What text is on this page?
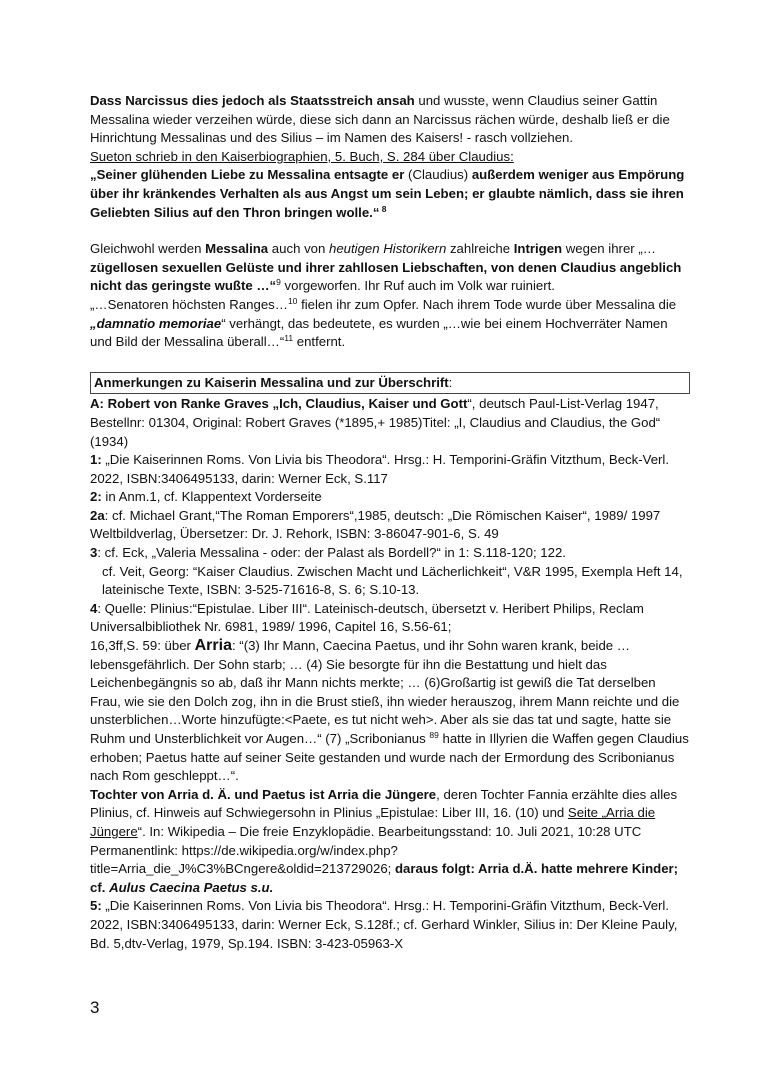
Dass Narcissus dies jedoch als Staatsstreich ansah und wusste, wenn Claudius seiner Gattin Messalina wieder verzeihen würde, diese sich dann an Narcissus rächen würde, deshalb ließ er die Hinrichtung Messalinas und des Silius – im Namen des Kaisers! - rasch vollziehen.

Sueton schrieb in den Kaiserbiographien, 5. Buch, S. 284 über Claudius:

„Seiner glühenden Liebe zu Messalina entsagte er (Claudius) außerdem weniger aus Empörung über ihr kränkendes Verhalten als aus Angst um sein Leben; er glaubte nämlich, dass sie ihren Geliebten Silius auf den Thron bringen wolle.“ $^8$

Gleichwohl werden Messalina auch von heutigen Historikern zahlreiche Intrigen wegen ihrer „…zügellosen sexuellen Gelüste und ihrer zahllosen Liebschaften, von denen Claudius angeblich nicht das geringste wußte …“$^9$ vorgeworfen. Ihr Ruf auch im Volk war ruiniert.

„…Senatoren höchsten Ranges…$^{10}$ fielen ihr zum Opfer. Nach ihrem Tode wurde über Messalina die „damnatio memoriae“ verhängt, das bedeutete, es wurden „…wie bei einem Hochverräter Namen und Bild der Messalina überall…“$^{11}$ entfernt.

Anmerkungen zu Kaiserin Messalina und zur Überschrift:

A: Robert von Ranke Graves „Ich, Claudius, Kaiser und Gott“, deutsch Paul-List-Verlag 1947, Bestellnr: 01304, Original: Robert Graves (*1895,+ 1985)Titel: „I, Claudius and Claudius, the God“ (1934)

1: „Die Kaiserinnen Roms. Von Livia bis Theodora“. Hrsg.: H. Temporini-Gräfin Vitzthum, Beck-Verl. 2022, ISBN:3406495133, darin: Werner Eck, S.117

2: in Anm.1, cf. Klappentext Vorderseite

2a: cf. Michael Grant,“The Roman Emporers“,1985, deutsch: „Die Römischen Kaiser“, 1989/ 1997 Weltbildverlag, Übersetzer: Dr. J. Rehork, ISBN: 3-86047-901-6, S. 49

3: cf. Eck, „Valeria Messalina - oder: der Palast als Bordell?“ in 1: S.118-120; 122.

cf. Veit, Georg: “Kaiser Claudius. Zwischen Macht und Lächerlichkeit“, V&R 1995, Exempla Heft 14, lateinische Texte, ISBN: 3-525-71616-8, S. 6; S.10-13.

4: Quelle: Plinius:“Epistulae. Liber III“. Lateinisch-deutsch, übersetzt v. Heribert Philips, Reclam Universalbibliothek Nr. 6981, 1989/ 1996, Capitel 16, S.56-61;

16,3ff,S. 59: über Arria: “(3) Ihr Mann, Caecina Paetus, und ihr Sohn waren krank, beide …lebensgefährlich. Der Sohn starb; … (4) Sie besorgte für ihn die Bestattung und hielt das Leichenbegängnis so ab, daß ihr Mann nichts merkte; … (6)Großartig ist gewiß die Tat derselben Frau, wie sie den Dolch zog, ihn in die Brust stieß, ihn wieder herauszog, ihrem Mann reichte und die unsterblichen…Worte hinzufügte:<Paete, es tut nicht weh>. Aber als sie das tat und sagte, hatte sie Ruhm und Unsterblichkeit vor Augen…“ (7) „Scribonianus $^{89}$ hatte in Illyrien die Waffen gegen Claudius erhoben; Paetus hatte auf seiner Seite gestanden und wurde nach der Ermordung des Scribonianus nach Rom geschleppt…“.

Tochter von Arria d. Ä. und Paetus ist Arria die Jüngere, deren Tochter Fannia erzählte dies alles Plinius, cf. Hinweis auf Schwiegersohn in Plinius „Epistulae: Liber III, 16. (10) und Seite „Arria die Jüngere“. In: Wikipedia – Die freie Enzyklopädie. Bearbeitungsstand: 10. Juli 2021, 10:28 UTC

Permanentlink: https://de.wikipedia.org/w/index.php?title=Arria_die_J%C3%BCngere&oldid=213729026; daraus folgt: Arria d.Ä. hatte mehrere Kinder; cf. Aulus Caecina Paetus s.u.

5: „Die Kaiserinnen Roms. Von Livia bis Theodora“. Hrsg.: H. Temporini-Gräfin Vitzthum, Beck-Verl. 2022, ISBN:3406495133, darin: Werner Eck, S.128f.; cf. Gerhard Winkler, Silius in: Der Kleine Pauly, Bd. 5,dtv-Verlag, 1979, Sp.194. ISBN: 3-423-05963-X

3
